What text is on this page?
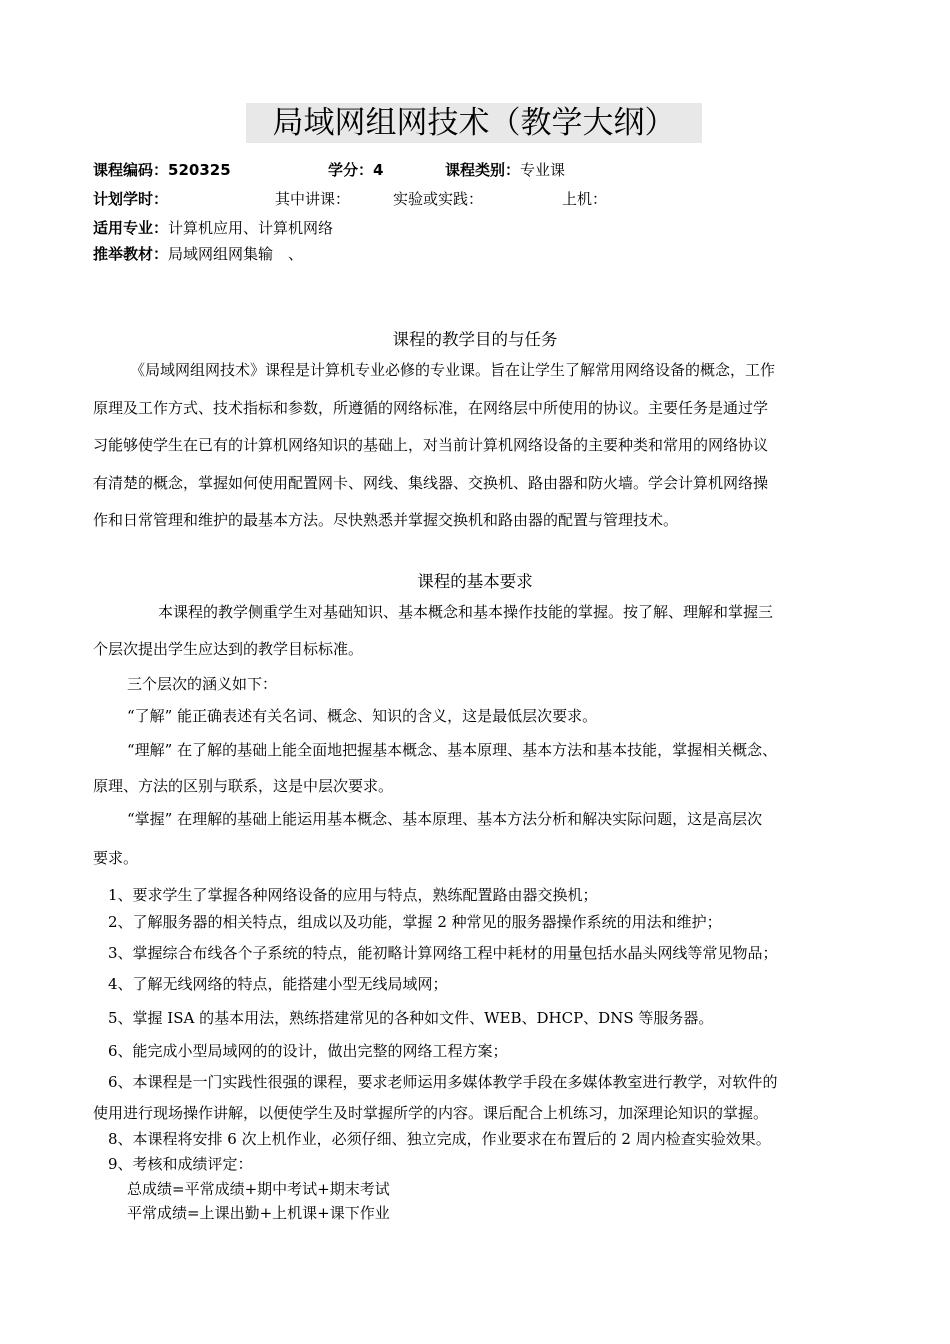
局域网组网技术（教学大纲）
课程编码：520325	学分：4	课程类别：专业课
计划学时：	其中讲课：	实验或实践：	上机：
适用专业：计算机应用、计算机网络
推举教材：局域网组网集输　、
课程的教学目的与任务
《局域网组网技术》课程是计算机专业必修的专业课。旨在让学生了解常用网络设备的概念，工作
原理及工作方式、技术指标和参数，所遵循的网络标准，在网络层中所使用的协议。主要任务是通过学
习能够使学生在已有的计算机网络知识的基础上，对当前计算机网络设备的主要种类和常用的网络协议
有清楚的概念，掌握如何使用配置网卡、网线、集线器、交换机、路由器和防火墙。学会计算机网络操
作和日常管理和维护的最基本方法。尽快熟悉并掌握交换机和路由器的配置与管理技术。
课程的基本要求
本课程的教学侧重学生对基础知识、基本概念和基本操作技能的掌握。按了解、理解和掌握三
个层次提出学生应达到的教学目标标准。
三个层次的涵义如下：
“了解” 能正确表述有关名词、概念、知识的含义，这是最低层次要求。
“理解” 在了解的基础上能全面地把握基本概念、基本原理、基本方法和基本技能，掌握相关概念、
原理、方法的区别与联系，这是中层次要求。
“掌握” 在理解的基础上能运用基本概念、基本原理、基本方法分析和解决实际问题，这是高层次
要求。
1、要求学生了掌握各种网络设备的应用与特点，熟练配置路由器交换机；
2、了解服务器的相关特点，组成以及功能，掌握 2 种常见的服务器操作系统的用法和维护；
3、掌握综合布线各个子系统的特点，能初略计算网络工程中耗材的用量包括水晶头网线等常见物品；
4、了解无线网络的特点，能搭建小型无线局域网；
5、掌握 ISA 的基本用法，熟练搭建常见的各种如文件、WEB、DHCP、DNS 等服务器。
6、能完成小型局域网的的设计，做出完整的网络工程方案；
6、本课程是一门实践性很强的课程，要求老师运用多媒体教学手段在多媒体教室进行教学，对软件的
使用进行现场操作讲解，以便使学生及时掌握所学的内容。课后配合上机练习，加深理论知识的掌握。
8、本课程将安排 6 次上机作业，必须仔细、独立完成，作业要求在布置后的 2 周内检查实验效果。
9、考核和成绩评定：
总成绩=平常成绩+期中考试+期末考试
平常成绩=上课出勤+上机课+课下作业
